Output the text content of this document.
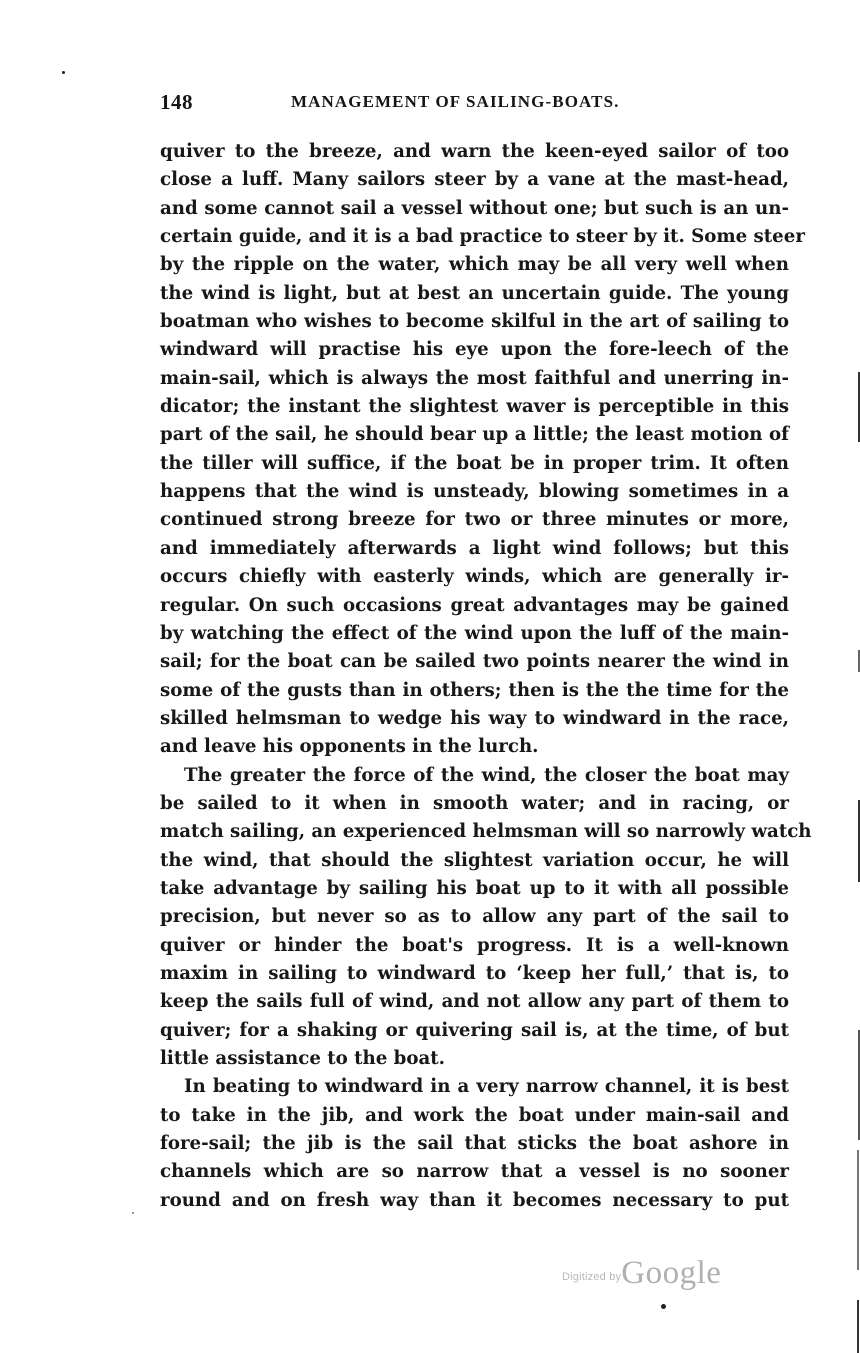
148	MANAGEMENT OF SAILING-BOATS.
quiver to the breeze, and warn the keen-eyed sailor of too
close a luff. Many sailors steer by a vane at the mast-head,
and some cannot sail a vessel without one; but such is an un-
certain guide, and it is a bad practice to steer by it. Some steer
by the ripple on the water, which may be all very well when
the wind is light, but at best an uncertain guide. The young
boatman who wishes to become skilful in the art of sailing to
windward will practise his eye upon the fore-leech of the
main-sail, which is always the most faithful and unerring in-
dicator; the instant the slightest waver is perceptible in this
part of the sail, he should bear up a little; the least motion of
the tiller will suffice, if the boat be in proper trim. It often
happens that the wind is unsteady, blowing sometimes in a
continued strong breeze for two or three minutes or more,
and immediately afterwards a light wind follows; but this
occurs chiefly with easterly winds, which are generally ir-
regular. On such occasions great advantages may be gained
by watching the effect of the wind upon the luff of the main-
sail; for the boat can be sailed two points nearer the wind in
some of the gusts than in others; then is the the time for the
skilled helmsman to wedge his way to windward in the race,
and leave his opponents in the lurch.
The greater the force of the wind, the closer the boat may
be sailed to it when in smooth water; and in racing, or
match sailing, an experienced helmsman will so narrowly watch
the wind, that should the slightest variation occur, he will
take advantage by sailing his boat up to it with all possible
precision, but never so as to allow any part of the sail to
quiver or hinder the boat's progress. It is a well-known
maxim in sailing to windward to ‘keep her full,’ that is, to
keep the sails full of wind, and not allow any part of them to
quiver; for a shaking or quivering sail is, at the time, of but
little assistance to the boat.
In beating to windward in a very narrow channel, it is best
to take in the jib, and work the boat under main-sail and
fore-sail; the jib is the sail that sticks the boat ashore in
channels which are so narrow that a vessel is no sooner
round and on fresh way than it becomes necessary to put
Digitized byGoogle
